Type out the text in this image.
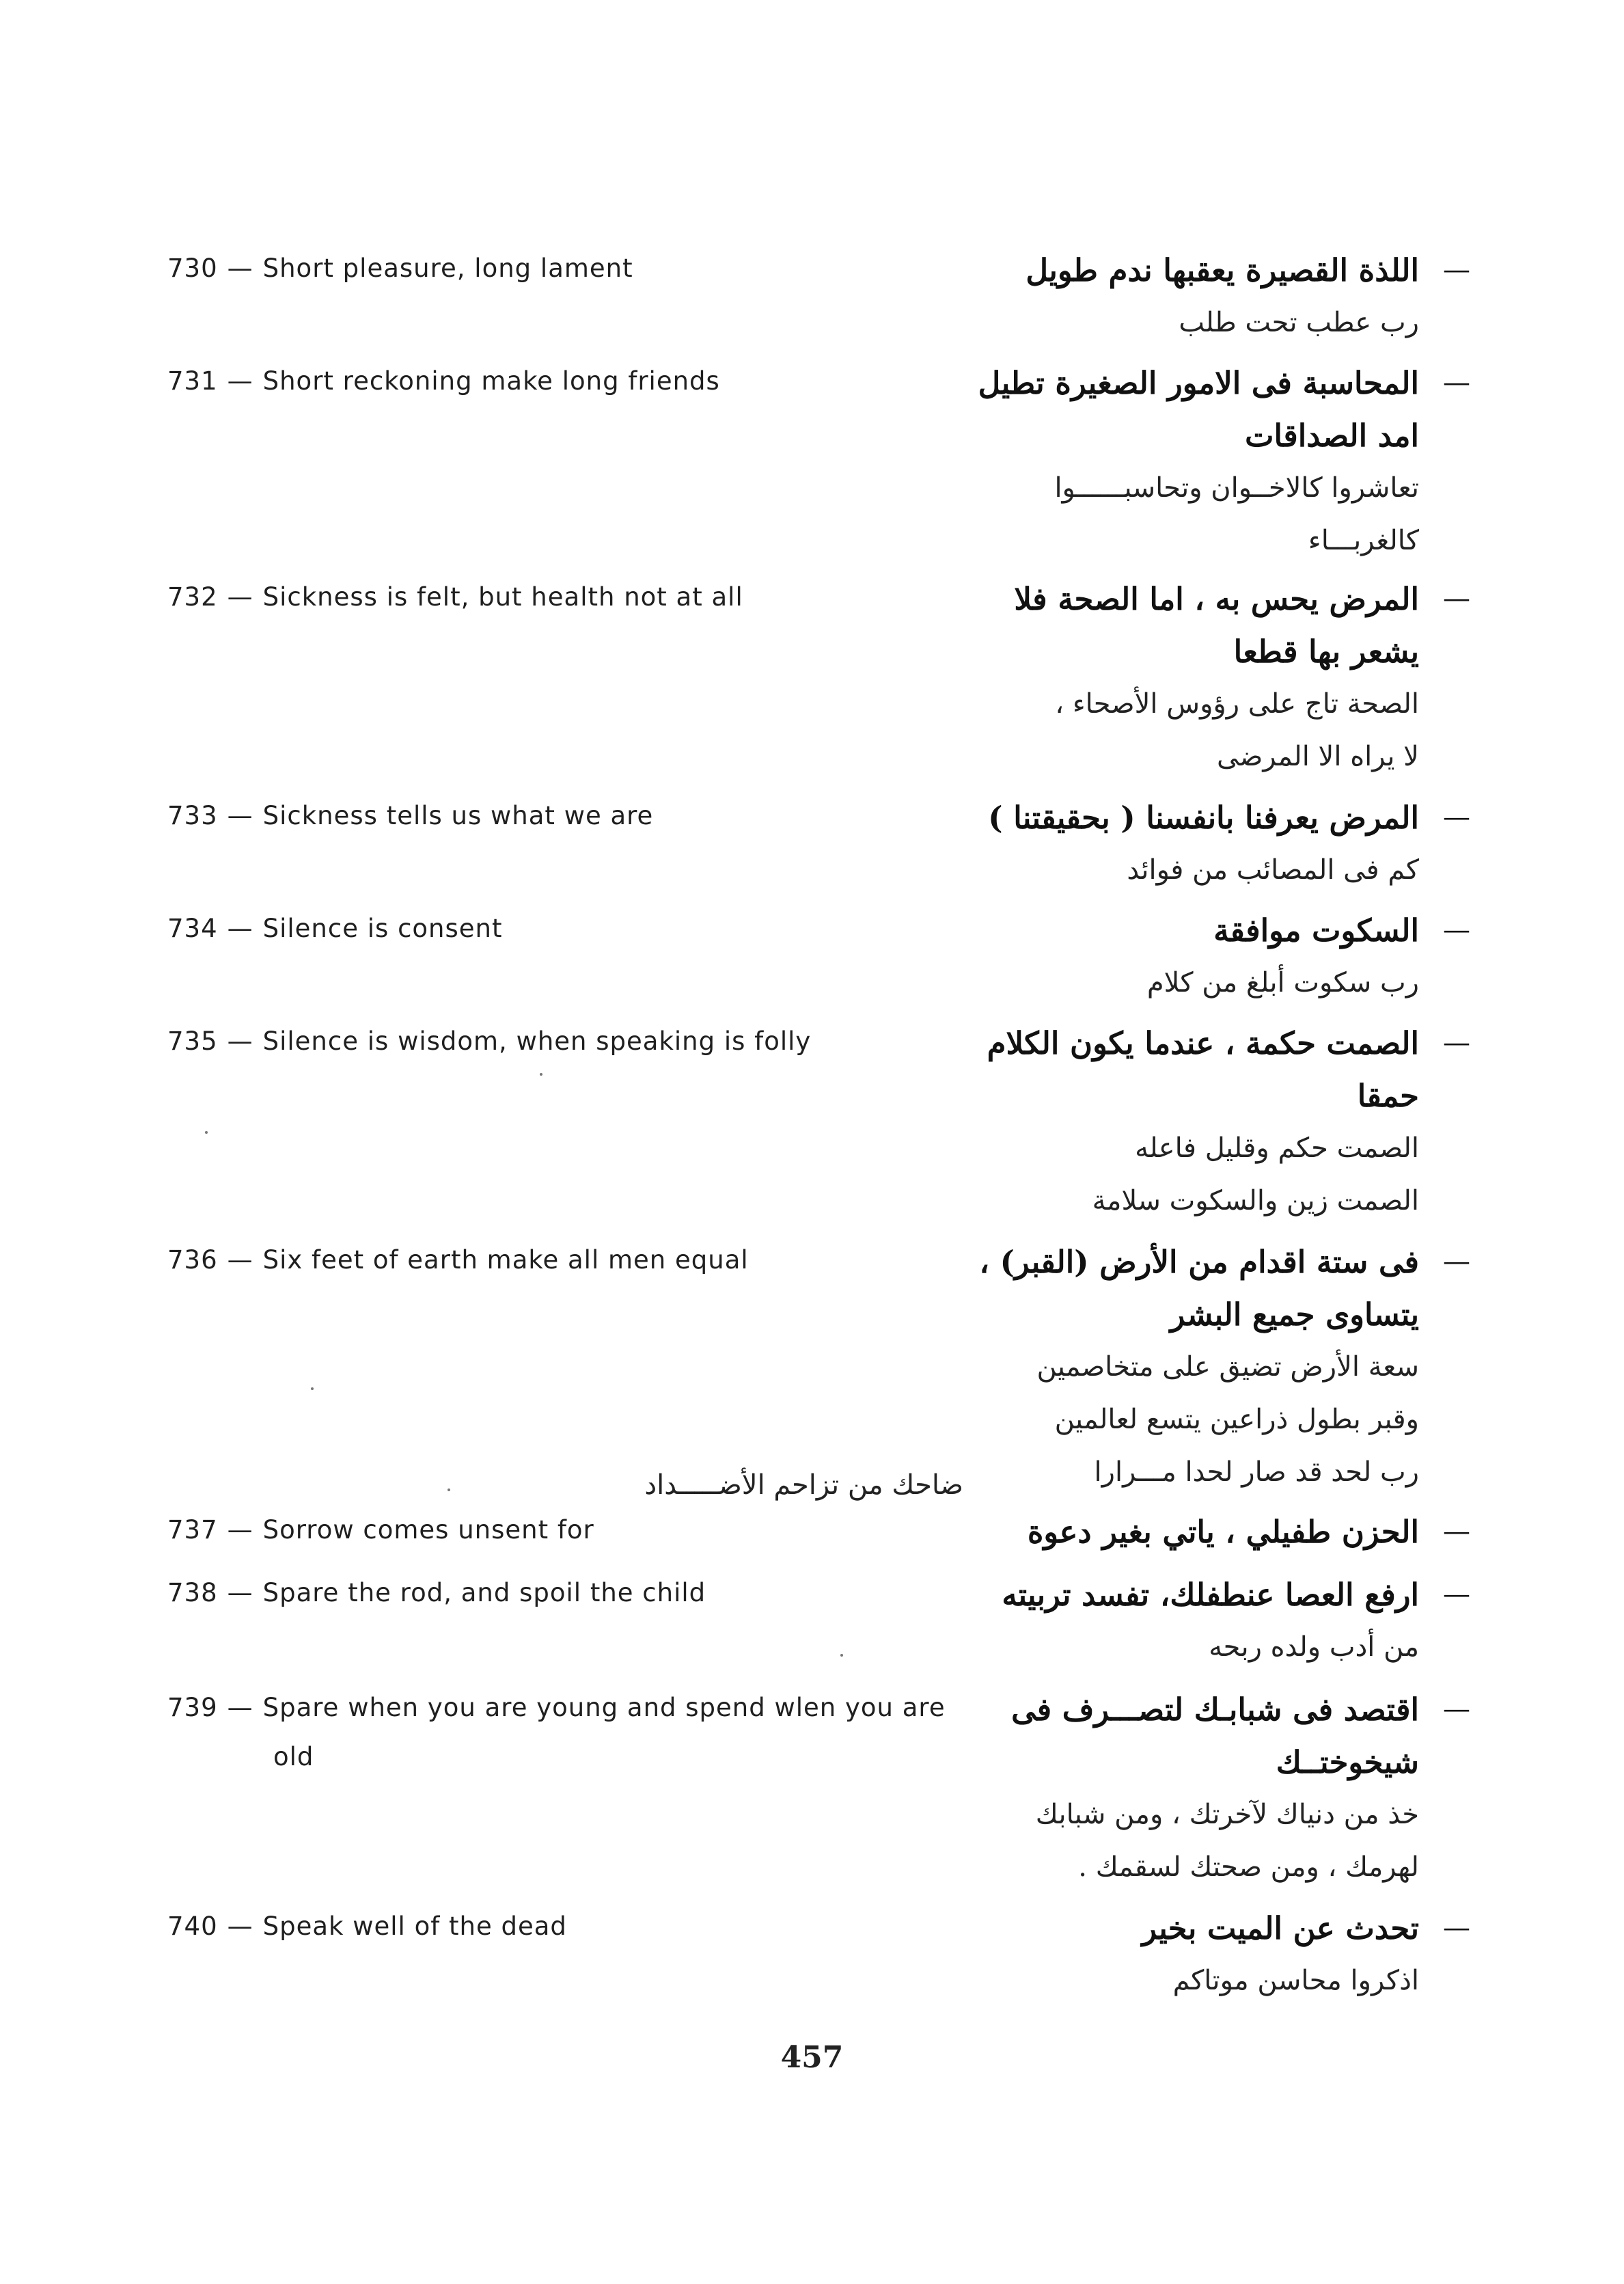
730 — Short pleasure, long lament	—
اللذة القصيرة يعقبها ندم طويل
رب عطب تحت طلب
731 — Short reckoning make long friends	—
المحاسبة فى الامور الصغيرة تطيل
امد الصداقات
تعاشروا كالاخــوان وتحاسبــــــوا
كالغربـــاء
732 — Sickness is felt, but health not at all	—
المرض يحس به ، اما الصحة فلا
يشعر بها قطعا
الصحة تاج على رؤوس الأصحاء ،
لا يراه الا المرضى
733 — Sickness tells us what we are	—
المرض يعرفنا بانفسنا ( بحقيقتنا )
كم فى المصائب من فوائد
734 — Silence is consent	—
السكوت موافقة
رب سكوت أبلغ من كلام
735 — Silence is wisdom, when speaking is folly	—
الصمت حكمة ، عندما يكون الكلام
حمقا
الصمت حكم وقليل فاعله
الصمت زين والسكوت سلامة
736 — Six feet of earth make all men equal	—
فى ستة اقدام من الأرض (القبر) ،
يتساوى جميع البشر
سعة الأرض تضيق على متخاصمين
وقبر بطول ذراعين يتسع لعالمين
رب لحد قد صار لحدا مـــرارا
ضاحك من تزاحم الأضـــــداد
737 — Sorrow comes unsent for	—
الحزن طفيلي ، ياتي بغير دعوة
738 — Spare the rod, and spoil the child	—
ارفع العصا عنطفلك، تفسد تربيته
من أدب ولده ربحه
739 — Spare when you are young and spend wlen you are
old
—
اقتصد فى شبابـك لتصـــرف فى
شيخوختــك
خذ من دنياك لآخرتك ، ومن شبابك
لهرمك ، ومن صحتك لسقمك .
740 — Speak well of the dead	—
تحدث عن الميت بخير
اذكروا محاسن موتاكم
457
